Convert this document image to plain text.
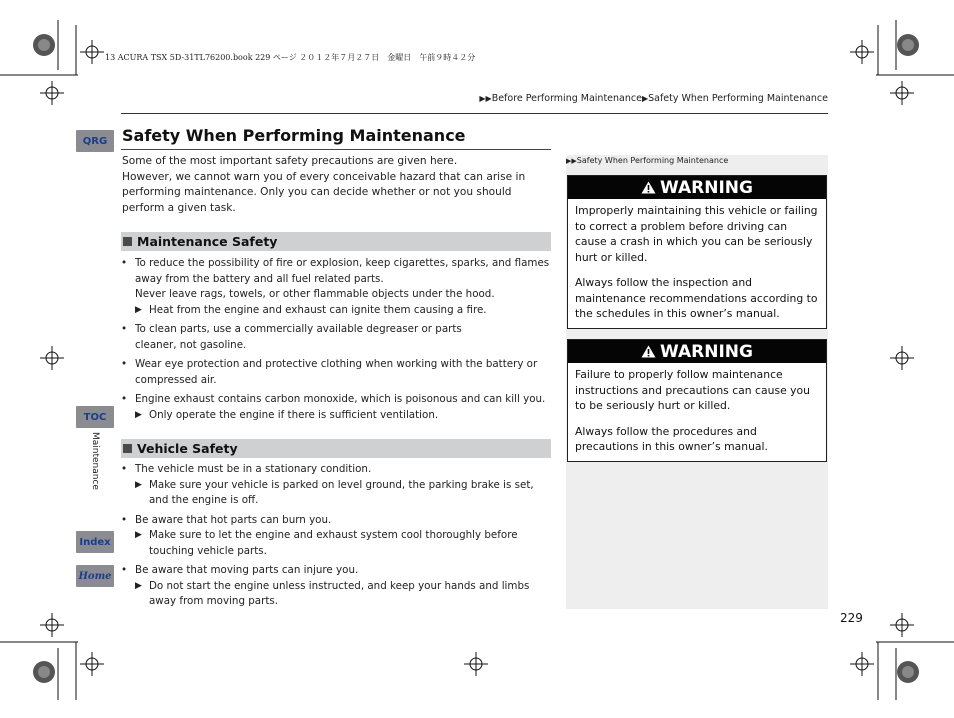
13 ACURA TSX 5D-31TL76200.book 229 ページ ２０１２年７月２７日　金曜日　午前９時４２分
▶▶Before Performing Maintenance▶Safety When Performing Maintenance
QRG
TOC
Index
Home
Maintenance
Safety When Performing Maintenance

Some of the most important safety precautions are given here.

However, we cannot warn you of every conceivable hazard that can arise in performing maintenance. Only you can decide whether or not you should perform a given task.

Maintenance Safety
• To reduce the possibility of fire or explosion, keep cigarettes, sparks, and flames away from the battery and all fuel related parts.
Never leave rags, towels, or other flammable objects under the hood.
▶ Heat from the engine and exhaust can ignite them causing a fire.
• To clean parts, use a commercially available degreaser or parts cleaner, not gasoline.
• Wear eye protection and protective clothing when working with the battery or compressed air.
• Engine exhaust contains carbon monoxide, which is poisonous and can kill you.
▶ Only operate the engine if there is sufficient ventilation.
Vehicle Safety
• The vehicle must be in a stationary condition.
▶ Make sure your vehicle is parked on level ground, the parking brake is set, and the engine is off.
• Be aware that hot parts can burn you.
▶ Make sure to let the engine and exhaust system cool thoroughly before touching vehicle parts.
• Be aware that moving parts can injure you.
▶ Do not start the engine unless instructed, and keep your hands and limbs away from moving parts.
▶▶Safety When Performing Maintenance
WARNING

Improperly maintaining this vehicle or failing to correct a problem before driving can cause a crash in which you can be seriously hurt or killed.

Always follow the inspection and maintenance recommendations according to the schedules in this owner’s manual.

WARNING

Failure to properly follow maintenance instructions and precautions can cause you to be seriously hurt or killed.

Always follow the procedures and precautions in this owner’s manual.

229
